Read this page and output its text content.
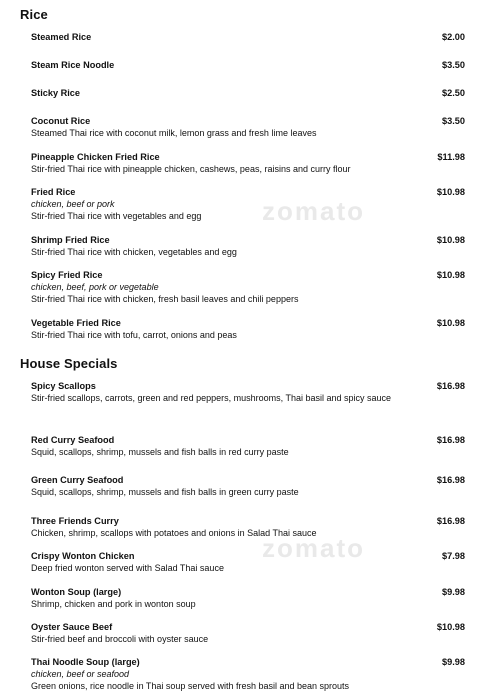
zomato
zomato
Rice
Steamed Rice	$2.00
Steam Rice Noodle	$3.50
Sticky Rice	$2.50
Coconut Rice	$3.50
Steamed Thai rice with coconut milk, lemon grass and fresh lime leaves
Pineapple Chicken Fried Rice	$11.98
Stir-fried Thai rice with pineapple chicken, cashews, peas, raisins and curry flour
Fried Rice	$10.98
chicken, beef or pork
Stir-fried Thai rice with vegetables and egg
Shrimp Fried Rice	$10.98
Stir-fried Thai rice with chicken, vegetables and egg
Spicy Fried Rice	$10.98
chicken, beef, pork or vegetable
Stir-fried Thai rice with chicken, fresh basil leaves and chili peppers
Vegetable Fried Rice	$10.98
Stir-fried Thai rice with tofu, carrot, onions and peas
House Specials
Spicy Scallops	$16.98
Stir-fried scallops, carrots, green and red peppers, mushrooms, Thai basil and spicy sauce
Red Curry Seafood	$16.98
Squid, scallops, shrimp, mussels and fish balls in red curry paste
Green Curry Seafood	$16.98
Squid, scallops, shrimp, mussels and fish balls in green curry paste
Three Friends Curry	$16.98
Chicken, shrimp, scallops with potatoes and onions in Salad Thai sauce
Crispy Wonton Chicken	$7.98
Deep fried wonton served with Salad Thai sauce
Wonton Soup (large)	$9.98
Shrimp, chicken and pork in wonton soup
Oyster Sauce Beef	$10.98
Stir-fried beef and broccoli with oyster sauce
Thai Noodle Soup (large)	$9.98
chicken, beef or seafood
Green onions, rice noodle in Thai soup served with fresh basil and bean sprouts
